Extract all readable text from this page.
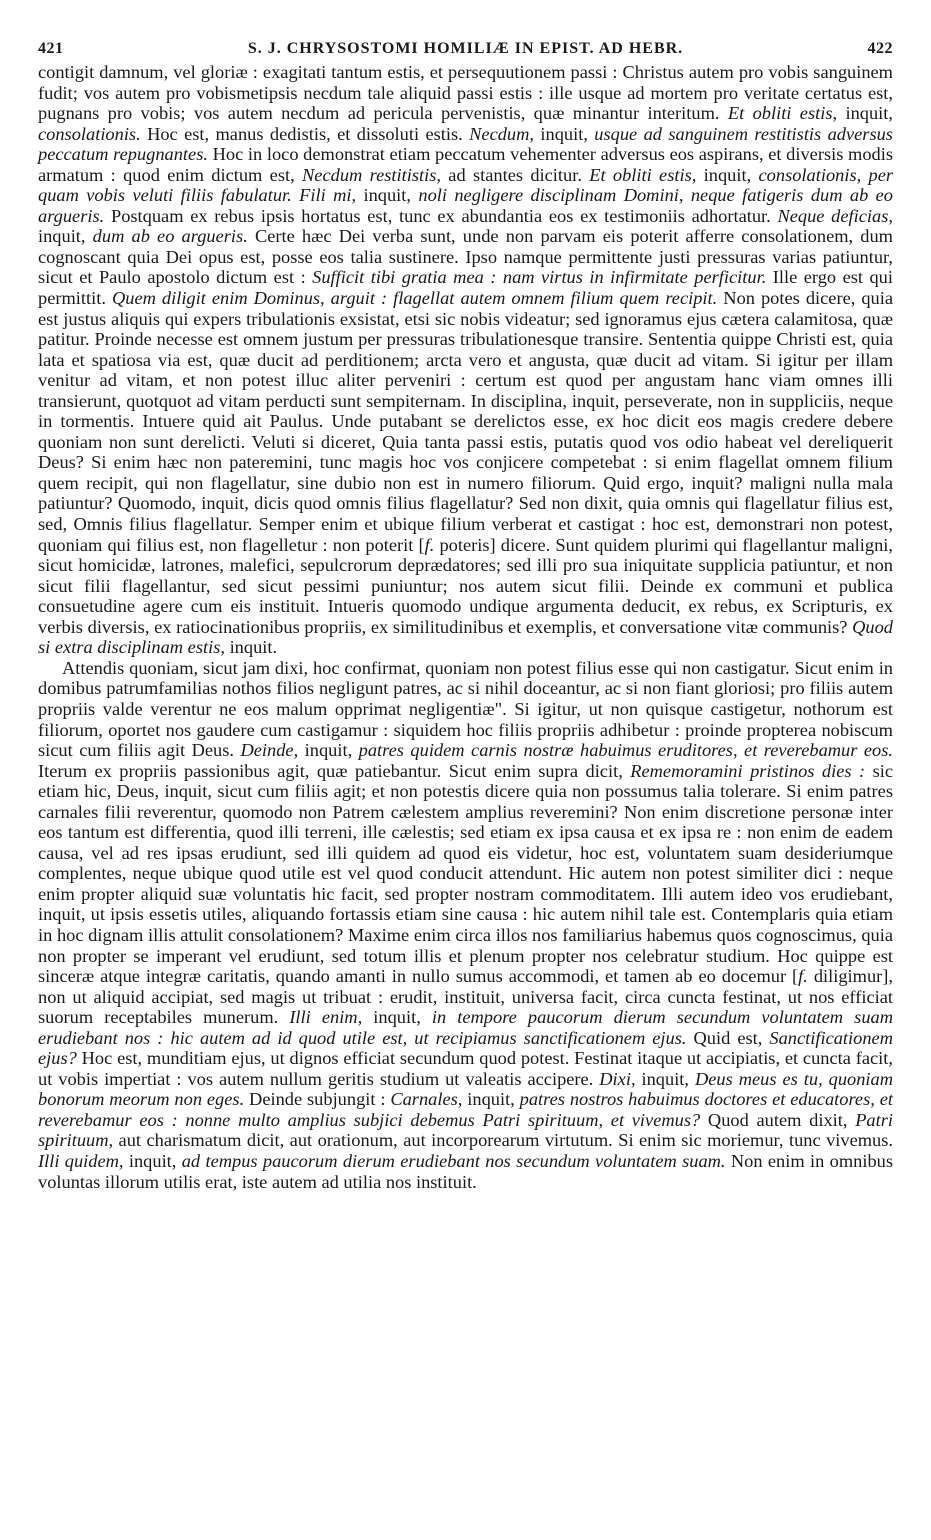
421	S. J. CHRYSOSTOMI HOMILIÆ IN EPIST. AD HEBR.	422

contigit damnum, vel gloriæ : exagitati tantum estis, et persequutionem passi : Christus autem pro vobis sanguinem fudit; vos autem pro vobismetipsis necdum tale aliquid passi estis : ille usque ad mortem pro veritate certatus est, pugnans pro vobis; vos autem necdum ad pericula pervenistis, quæ minantur interitum. Et obliti estis, inquit, consolationis. Hoc est, manus dedistis, et dissoluti estis. Necdum, inquit, usque ad sanguinem restitistis adversus peccatum repugnantes. Hoc in loco demonstrat etiam peccatum vehementer adversus eos aspirans, et diversis modis armatum : quod enim dictum est, Necdum restitistis, ad stantes dicitur. Et obliti estis, inquit, consolationis, per quam vobis veluti filiis fabulatur. Fili mi, inquit, noli negligere disciplinam Domini, neque fatigeris dum ab eo argueris. Postquam ex rebus ipsis hortatus est, tunc ex abundantia eos ex testimoniis adhortatur. Neque deficias, inquit, dum ab eo argueris. Certe hæc Dei verba sunt, unde non parvam eis poterit afferre consolationem, dum cognoscant quia Dei opus est, posse eos talia sustinere. Ipso namque permittente justi pressuras varias patiuntur, sicut et Paulo apostolo dictum est : Sufficit tibi gratia mea : nam virtus in infirmitate perficitur. Ille ergo est qui permittit. Quem diligit enim Dominus, arguit : flagellat autem omnem filium quem recipit. Non potes dicere, quia est justus aliquis qui expers tribulationis exsistat, etsi sic nobis videatur; sed ignoramus ejus cætera calamitosa, quæ patitur. Proinde necesse est omnem justum per pressuras tribulationesque transire. Sententia quippe Christi est, quia lata et spatiosa via est, quæ ducit ad perditionem; arcta vero et angusta, quæ ducit ad vitam. Si igitur per illam venitur ad vitam, et non potest illuc aliter perveniri : certum est quod per angustam hanc viam omnes illi transierunt, quotquot ad vitam perducti sunt sempiternam. In disciplina, inquit, perseverate, non in suppliciis, neque in tormentis. Intuere quid ait Paulus. Unde putabant se derelictos esse, ex hoc dicit eos magis credere debere quoniam non sunt derelicti. Veluti si diceret, Quia tanta passi estis, putatis quod vos odio habeat vel dereliquerit Deus? Si enim hæc non pateremini, tunc magis hoc vos conjicere competebat : si enim flagellat omnem filium quem recipit, qui non flagellatur, sine dubio non est in numero filiorum. Quid ergo, inquit? maligni nulla mala patiuntur? Quomodo, inquit, dicis quod omnis filius flagellatur? Sed non dixit, quia omnis qui flagellatur filius est, sed, Omnis filius flagellatur. Semper enim et ubique filium verberat et castigat : hoc est, demonstrari non potest, quoniam qui filius est, non flagelletur : non poterit [f. poteris] dicere. Sunt quidem plurimi qui flagellantur maligni, sicut homicidæ, latrones, malefici, sepulcrorum deprædatores; sed illi pro sua iniquitate supplicia patiuntur, et non sicut filii flagellantur, sed sicut pessimi puniuntur; nos autem sicut filii. Deinde ex communi et publica consuetudine agere cum eis instituit. Intueris quomodo undique argumenta deducit, ex rebus, ex Scripturis, ex verbis diversis, ex ratiocinationibus propriis, ex similitudinibus et exemplis, et conversatione vitæ communis? Quod si extra disciplinam estis, inquit.

Attendis quoniam, sicut jam dixi, hoc confirmat, quoniam non potest filius esse qui non castigatur. Sicut enim in domibus patrumfamilias nothos filios negligunt patres, ac si nihil doceantur, ac si non fiant gloriosi; pro filiis autem propriis valde verentur ne eos malum opprimat negligentiæ". Si igitur, ut non quisque castigetur, nothorum est filiorum, oportet nos gaudere cum castigamur : siquidem hoc filiis propriis adhibetur : proinde propterea nobiscum sicut cum filiis agit Deus. Deinde, inquit, patres quidem carnis nostræ habuimus eruditores, et reverebamur eos. Iterum ex propriis passionibus agit, quæ patiebantur. Sicut enim supra dicit, Rememoramini pristinos dies : sic etiam hic, Deus, inquit, sicut cum filiis agit; et non potestis dicere quia non possumus talia tolerare. Si enim patres carnales filii reverentur, quomodo non Patrem cælestem amplius reveremini? Non enim discretione personæ inter eos tantum est differentia, quod illi terreni, ille cælestis; sed etiam ex ipsa causa et ex ipsa re : non enim de eadem causa, vel ad res ipsas erudiunt, sed illi quidem ad quod eis videtur, hoc est, voluntatem suam desideriumque complentes, neque ubique quod utile est vel quod conducit attendunt. Hic autem non potest similiter dici : neque enim propter aliquid suæ voluntatis hic facit, sed propter nostram commoditatem. Illi autem ideo vos erudiebant, inquit, ut ipsis essetis utiles, aliquando fortassis etiam sine causa : hic autem nihil tale est. Contemplaris quia etiam in hoc dignam illis attulit consolationem? Maxime enim circa illos nos familiarius habemus quos cognoscimus, quia non propter se imperant vel erudiunt, sed totum illis et plenum propter nos celebratur studium. Hoc quippe est sinceræ atque integræ caritatis, quando amanti in nullo sumus accommodi, et tamen ab eo docemur [f. diligimur], non ut aliquid accipiat, sed magis ut tribuat : erudit, instituit, universa facit, circa cuncta festinat, ut nos efficiat suorum receptabiles munerum. Illi enim, inquit, in tempore paucorum dierum secundum voluntatem suam erudiebant nos : hic autem ad id quod utile est, ut recipiamus sanctificationem ejus. Quid est, Sanctificationem ejus? Hoc est, munditiam ejus, ut dignos efficiat secundum quod potest. Festinat itaque ut accipiatis, et cuncta facit, ut vobis impertiat : vos autem nullum geritis studium ut valeatis accipere. Dixi, inquit, Deus meus es tu, quoniam bonorum meorum non eges. Deinde subjungit : Carnales, inquit, patres nostros habuimus doctores et educatores, et reverebamur eos : nonne multo amplius subjici debemus Patri spirituum, et vivemus? Quod autem dixit, Patri spirituum, aut charismatum dicit, aut orationum, aut incorporearum virtutum. Si enim sic moriemur, tunc vivemus. Illi quidem, inquit, ad tempus paucorum dierum erudiebant nos secundum voluntatem suam. Non enim in omnibus voluntas illorum utilis erat, iste autem ad utilia nos instituit.
